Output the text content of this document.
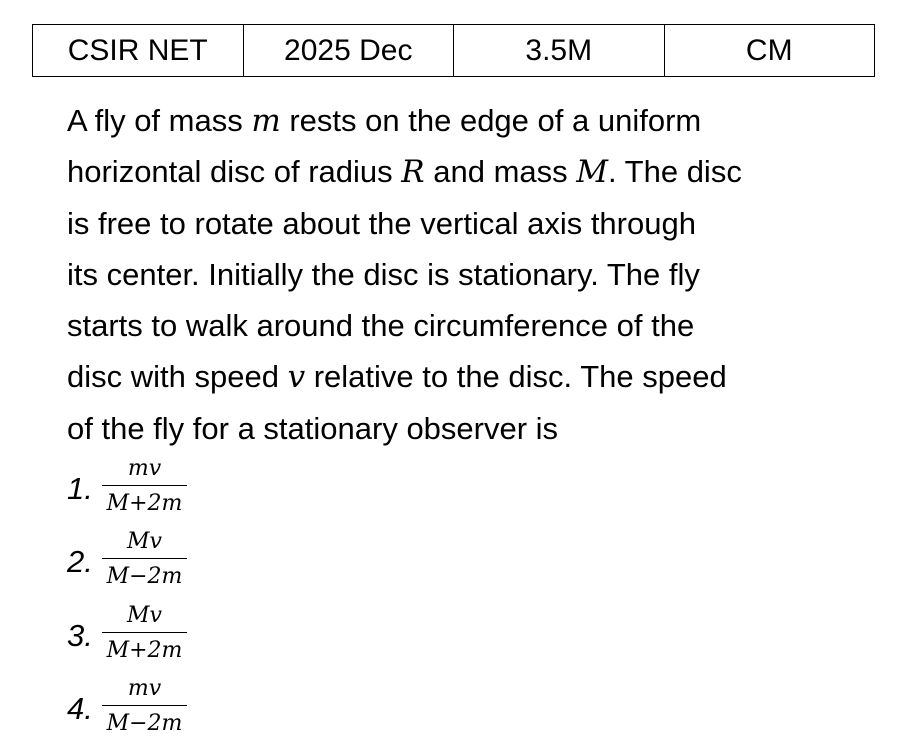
CSIR NET	2025 Dec	3.5M	CM
A fly of mass m rests on the edge of a uniform
horizontal disc of radius R and mass M. The disc
is free to rotate about the vertical axis through
its center. Initially the disc is stationary. The fly
starts to walk around the circumference of the
disc with speed v relative to the disc. The speed
of the fly for a stationary observer is
1.
mv
M+2m
2.
Mv
M−2m
3.
Mv
M+2m
4.
mv
M−2m
